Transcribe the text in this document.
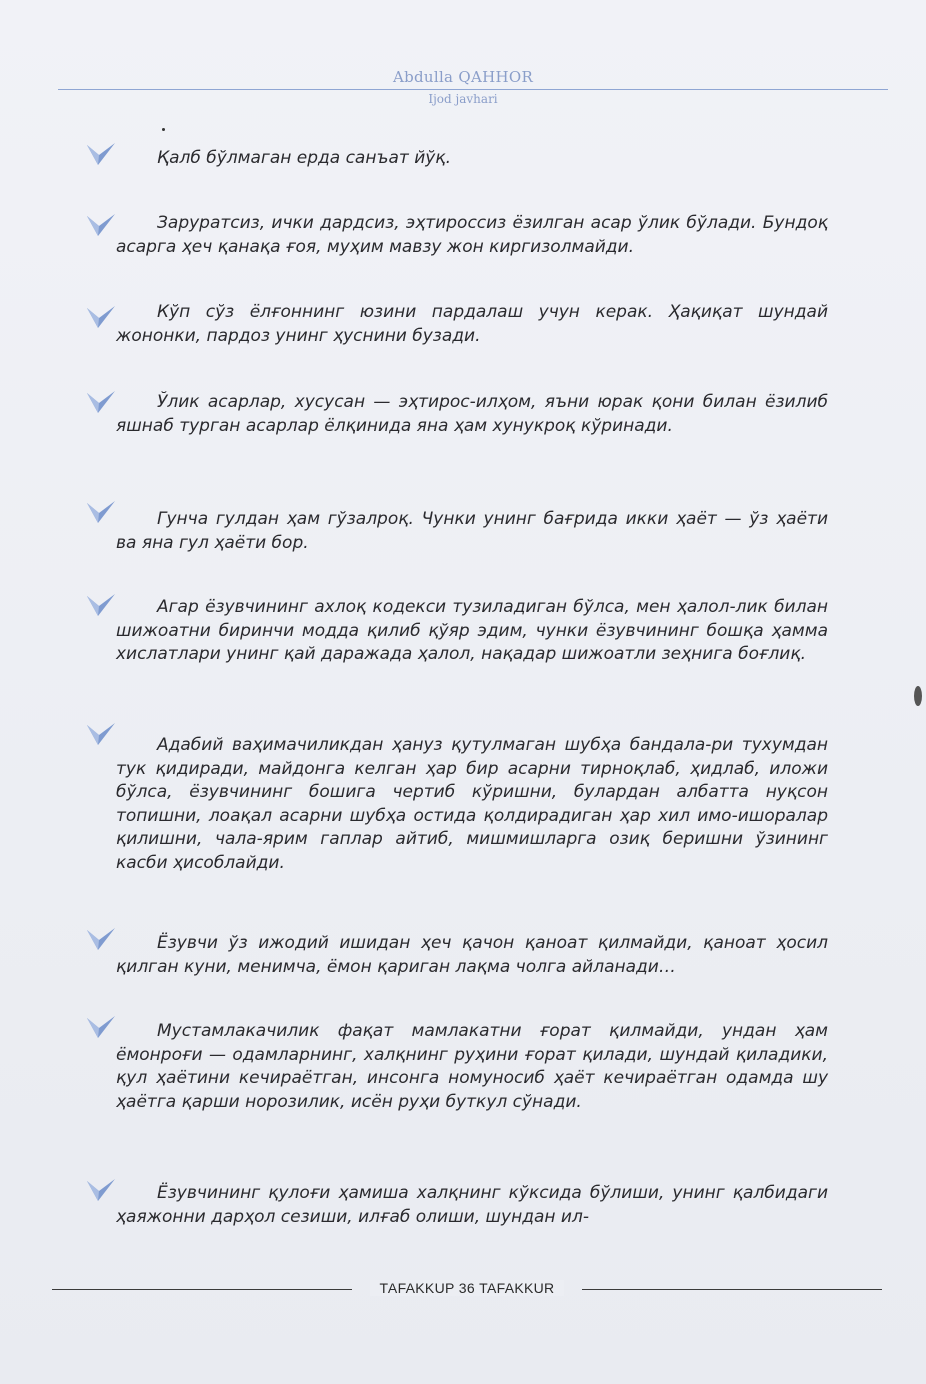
Abdulla QAHHOR
Ijod javhari

Қалб бўлмаган ерда санъат йўқ.

Заруратсиз, ички дардсиз, эҳтироссиз ёзилган асар ўлик бўлади. Бундоқ асарга ҳеч қанақа ғоя, муҳим мавзу жон киргизолмайди.

Кўп сўз ёлғоннинг юзини пардалаш учун керак. Ҳақиқат шундай жононки, пардоз унинг ҳуснини бузади.

Ўлик асарлар, хусусан — эҳтирос-илҳом, яъни юрак қони билан ёзилиб яшнаб турган асарлар ёлқинида яна ҳам хунукроқ кўринади.

Гунча гулдан ҳам гўзалроқ. Чунки унинг бағрида икки ҳаёт — ўз ҳаёти ва яна гул ҳаёти бор.

Агар ёзувчининг ахлоқ кодекси тузиладиган бўлса, мен ҳалол-лик билан шижоатни биринчи модда қилиб қўяр эдим, чунки ёзувчининг бошқа ҳамма хислатлари унинг қай даражада ҳалол, нақадар шижоатли зеҳнига боғлиқ.

Адабий ваҳимачиликдан ҳануз қутулмаган шубҳа бандала-ри тухумдан тук қидиради, майдонга келган ҳар бир асарни тирноқлаб, ҳидлаб, иложи бўлса, ёзувчининг бошига чертиб кўришни, булардан албатта нуқсон топишни, лоақал асарни шубҳа остида қолдирадиган ҳар хил имо-ишоралар қилишни, чала-ярим гаплар айтиб, мишмишларга озиқ беришни ўзининг касби ҳисоблайди.

Ёзувчи ўз ижодий ишидан ҳеч қачон қаноат қилмайди, қаноат ҳосил қилган куни, менимча, ёмон қариган лақма чолга айланади…

Мустамлакачилик фақат мамлакатни ғорат қилмайди, ундан ҳам ёмонроғи — одамларнинг, халқнинг руҳини ғорат қилади, шундай қиладики, қул ҳаётини кечираётган, инсонга номуносиб ҳаёт кечираётган одамда шу ҳаётга қарши норозилик, исён руҳи буткул сўнади.

Ёзувчининг қулоғи ҳамиша халқнинг кўксида бўлиши, унинг қалбидаги ҳаяжонни дарҳол сезиши, илғаб олиши, шундан ил-

ТАFAKKUР 36 TAFAKKUR
